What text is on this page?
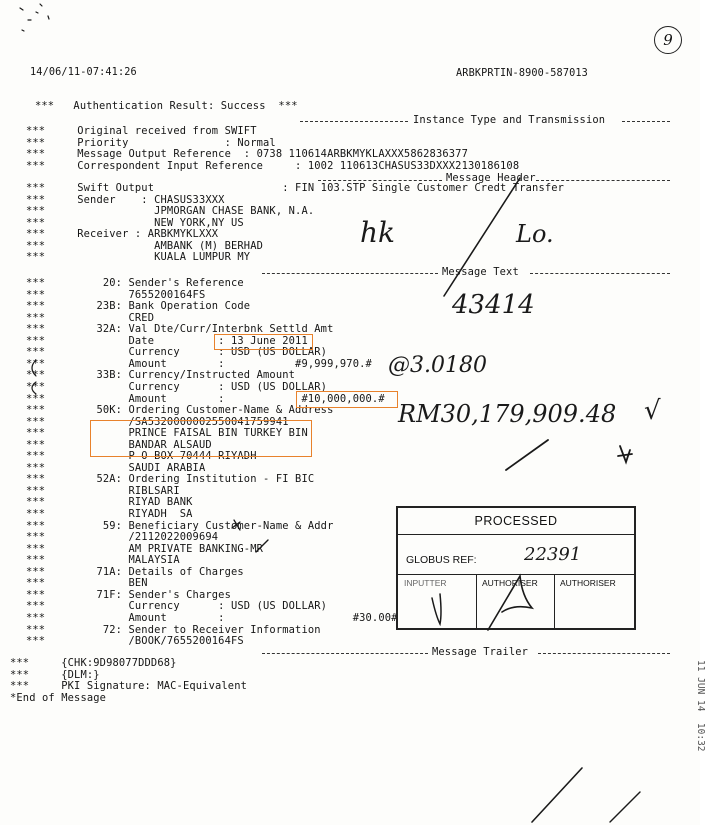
9
14/06/11-07:41:26	ARBKPRTIN-8900-587013
***   Authentication Result: Success  ***
Instance Type and Transmission
***     Original received from SWIFT
***     Priority               : Normal
***     Message Output Reference  : 0738 110614ARBKMYKLAXXX5862836377
***     Correspondent Input Reference     : 1002 110613CHASUS33DXXX2130186108
Message Header
***     Swift Output                    : FIN 103.STP Single Customer Credt Transfer
***     Sender    : CHASUS33XXX
***                 JPMORGAN CHASE BANK, N.A.
***                 NEW YORK,NY US
***     Receiver : ARBKMYKLXXX
***                 AMBANK (M) BERHAD
***                 KUALA LUMPUR MY
Message Text
***         20: Sender's Reference
***             7655200164FS
***        23B: Bank Operation Code
***             CRED
***        32A: Val Dte/Curr/Interbnk Settld Amt
***             Date          : 13 June 2011
***             Currency      : USD (US DOLLAR)
***             Amount        :           #9,999,970.#
***        33B: Currency/Instructed Amount
***             Currency      : USD (US DOLLAR)
***             Amount        :            #10,000,000.#
***        50K: Ordering Customer-Name & Address
***             /SA5320000002550041759941
***             PRINCE FAISAL BIN TURKEY BIN
***             BANDAR ALSAUD
***             P O BOX 70444 RIYADH
***             SAUDI ARABIA
***        52A: Ordering Institution - FI BIC
***             RIBLSARI
***             RIYAD BANK
***             RIYADH  SA
***         59: Beneficiary Customer-Name & Addr
***             /2112022009694
***             AM PRIVATE BANKING-MR
***             MALAYSIA
***        71A: Details of Charges
***             BEN
***        71F: Sender's Charges
***             Currency      : USD (US DOLLAR)
***             Amount        :                    #30.00#
***         72: Sender to Receiver Information
***             /BOOK/7655200164FS
Message Trailer
***     {CHK:9D98077DDD68}
***     {DLM:}
***     PKI Signature: MAC-Equivalent
*End of Message
hk	Lo.
43414
@3.0180
RM30,179,909.48 √
PROCESSED
GLOBUS REF:	22391
INPUTTER	AUTHORISER	AUTHORISER
11 JUN 14  10:32
